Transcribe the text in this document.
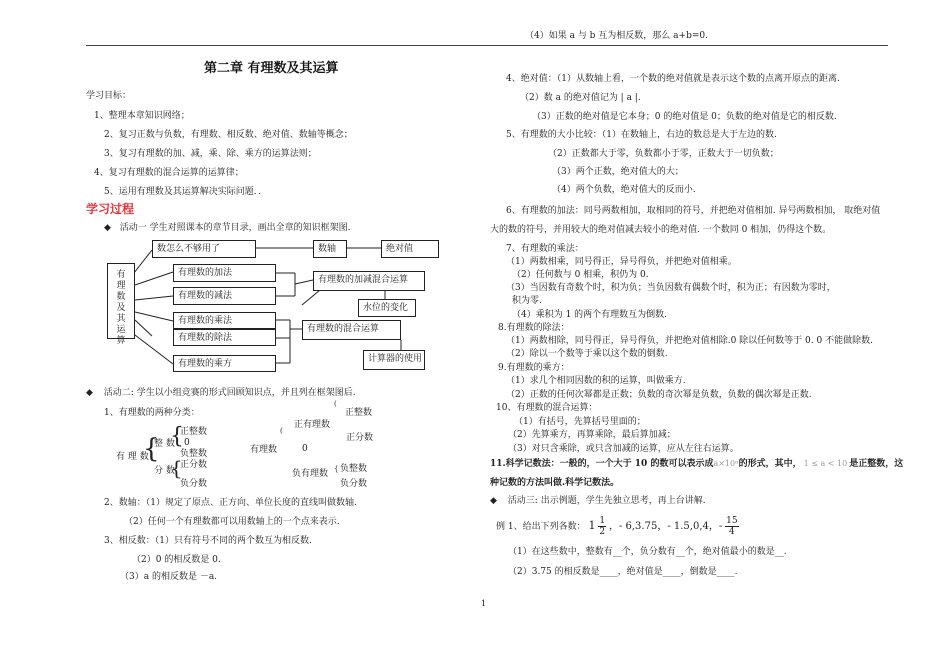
第二章 有理数及其运算
学习目标：
1、整理本章知识网络；
2、复习正数与负数，有理数、相反数、绝对值、数轴等概念；
3、复习有理数的加、减，乘、除、乘方的运算法则；
4、复习有理数的混合运算的运算律；
5、运用有理数及其运算解决实际问题．．
学习过程
◆ 活动一 学生对照课本的章节目录，画出全章的知识框架图.
有理数及其运算
数怎么不够用了	数轴	绝对值
有理数的加法
有理数的减法
有理数的加减混合运算
水位的变化
有理数的乘法
有理数的除法
有理数的混合运算
有理数的乘方	计算器的使用
◆ 活动二: 学生以小组竞赛的形式回顾知识点，并且列在框架图后.
1、有理数的两种分类：
有 理 数
{
整 数
{
正整数
0
负整数
分 数
{
正分数
负分数
有理数
(
正有理数
(
正整数
正分数
0
负有理数 { 负整数
负分数
2、数轴：（1）规定了原点、正方向、单位长度的直线叫做数轴.
（2）任何一个有理数都可以用数轴上的一个点来表示.
3、相反数：（1）只有符号不同的两个数互为相反数.
（2）0 的相反数是 0.
（3）a 的相反数是 －a.
（4）如果 a 与 b 互为相反数，那么 a+b=0.
4、绝对值：（1）从数轴上看，一个数的绝对值就是表示这个数的点离开原点的距离.
（2）数 a 的绝对值记为 | a |.
（3）正数的绝对值是它本身；0 的绝对值是 0；负数的绝对值是它的相反数.
5、有理数的大小比较：（1）在数轴上，右边的数总是大于左边的数.
（2）正数都大于零，负数都小于零，正数大于一切负数；
（3）两个正数，绝对值大的大；
（4）两个负数，绝对值大的反而小.
6、有理数的加法：同号两数相加，取相同的符号，并把绝对值相加. 异号两数相加， 取绝对值
大的数的符号，并用较大的绝对值减去较小的绝对值. 一个数同 0 相加，仍得这个数。
7、有理数的乘法：
（1）两数相乘，同号得正，异号得负，并把绝对值相乘。
（2）任何数与 0 相乘，积仍为 0.
（3）当因数有奇数个时，积为负；当负因数有偶数个时，积为正；有因数为零时，
积为零.
（4）乘积为 1 的两个有理数互为倒数.
8.有理数的除法：
（1）两数相除，同号得正，异号得负，并把绝对值相除.0 除以任何数等于 0. 0 不能做除数.
（2）除以一个数等于乘以这个数的倒数.
9.有理数的乘方：
（1）求几个相同因数的积的运算，叫做乘方.
（2）正数的任何次幂都是正数；负数的奇次幂是负数，负数的偶次幂是正数.
10、有理数的混合运算：
（1）有括号，先算括号里面的；
（2）先算乘方，再算乘除，最后算加减；
（3）对只含乘除，或只含加减的运算，应从左往右运算。
11.科学记数法：一般的，一个大于 10 的数可以表示成a×10ⁿ的形式，其中， 1 ≤ a < 10 是正整数，这
种记数的方法叫做.科学记数法。
◆ 活动三: 出示例题，学生先独立思考，再上台讲解.
例 1、给出下列各数： $1 \frac{1}{2}$ ，- 6,3.75，- 1.5,0,4，- $\frac{15}{4}$
（1）在这些数中，整数有__个，负分数有__个，绝对值最小的数是__.
（2）3.75 的相反数是____，绝对值是____，倒数是____.
1
